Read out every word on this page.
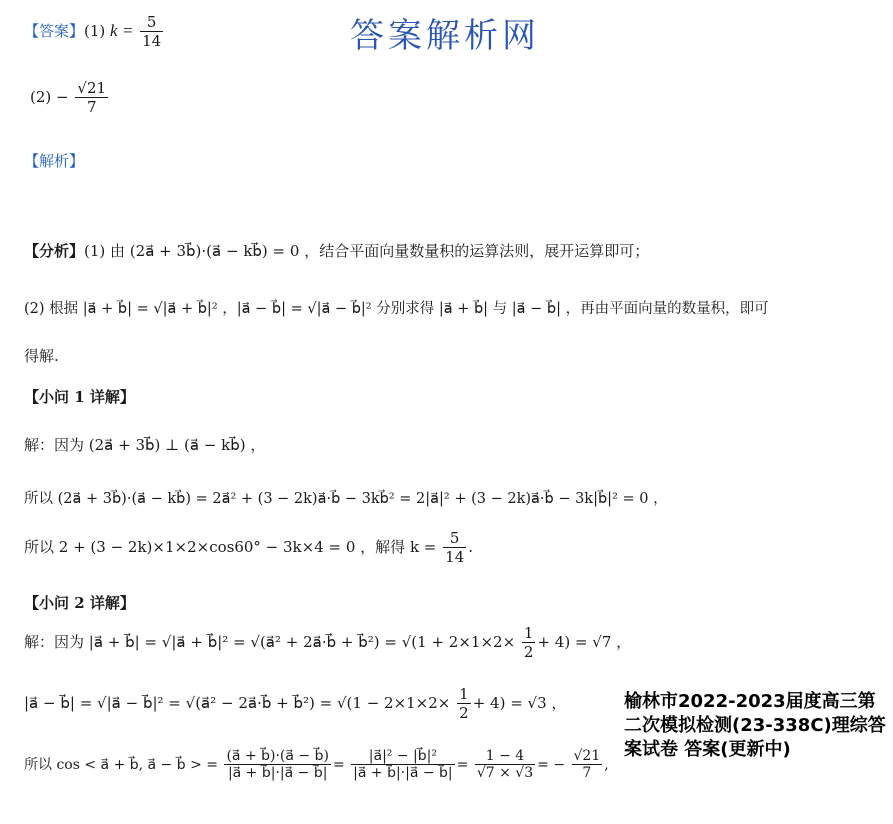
【答案】(1) $k = \frac{5}{14}$	答案解析网
$(2) - \frac{√21}{7}$
【解析】
【分析】(1) 由 (2a⃗ + 3b⃗)·(a⃗ − kb⃗) = 0 ，结合平面向量数量积的运算法则，展开运算即可；
(2) 根据 |a⃗ + b⃗| = √|a⃗ + b⃗|² ，|a⃗ − b⃗| = √|a⃗ − b⃗|² 分别求得 |a⃗ + b⃗| 与 |a⃗ − b⃗| ，再由平面向量的数量积，即可
得解.
【小问 1 详解】
解：因为 (2a⃗ + 3b⃗) ⊥ (a⃗ − kb⃗) ，
所以 (2a⃗ + 3b⃗)·(a⃗ − kb⃗) = 2a⃗² + (3 − 2k)a⃗·b⃗ − 3kb⃗² = 2|a⃗|² + (3 − 2k)a⃗·b⃗ − 3k|b⃗|² = 0 ，
所以 2 + (3 − 2k)×1×2×cos60° − 3k×4 = 0 ，解得 $k = \frac{5}{14}$ .
【小问 2 详解】
解：因为 |a⃗ + b⃗| = √|a⃗ + b⃗|² = √(a⃗² + 2a⃗·b⃗ + b⃗²) = $√(1 + 2\times 1\times 2\times \frac{1}{2} + 4) = √7$ ，
|a⃗ − b⃗| = √|a⃗ − b⃗|² = √(a⃗² − 2a⃗·b⃗ + b⃗²) = $√(1 - 2\times 1\times 2\times \frac{1}{2} + 4) = √3$ ，
所以 cos < a⃗ + b⃗, a⃗ − b⃗ > = $\frac{(a⃗ + b⃗)\cdot(a⃗ - b⃗)}{|a⃗ + b⃗|\cdot|a⃗ - b⃗|} = \frac{\text{|a⃗|² − |b⃗|²}}{|a⃗ + b⃗|\cdot|a⃗ - b⃗|} = \frac{1 - 4}{√7 \times √3}$ = − $\frac{√21}{7}$ ,
榆林市2022-2023届度高三第二次模拟检测(23-338C)理综答案试卷 答案(更新中)
